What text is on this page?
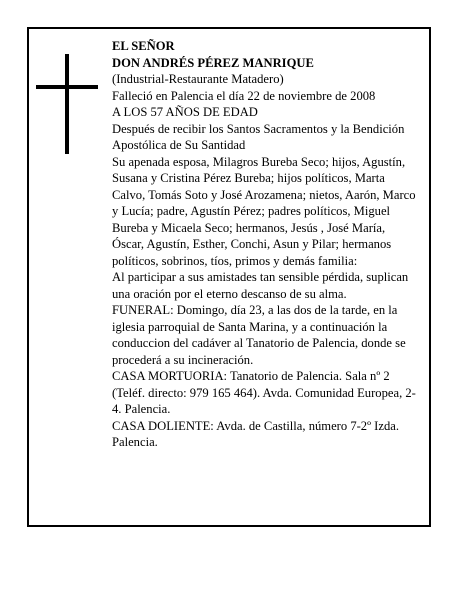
EL SEÑOR

DON ANDRÉS PÉREZ MANRIQUE

(Industrial-Restaurante Matadero)

Falleció en Palencia el día 22 de noviembre de 2008

A LOS 57 AÑOS DE EDAD

Después de recibir los Santos Sacramentos y la Bendición Apostólica de Su Santidad

Su apenada esposa, Milagros Bureba Seco; hijos, Agustín, Susana y Cristina Pérez Bureba; hijos políticos, Marta Calvo, Tomás Soto y José Arozamena; nietos, Aarón, Marco y Lucía; padre, Agustín Pérez; padres políticos, Miguel Bureba y Micaela Seco; hermanos, Jesús , José María, Óscar, Agustín, Esther, Conchi, Asun y Pilar; hermanos políticos, sobrinos, tíos, primos y demás familia:

Al participar a sus amistades tan sensible pérdida, suplican una oración por el eterno descanso de su alma.

FUNERAL: Domingo, día 23, a las dos de la tarde, en la iglesia parroquial de Santa Marina, y a continuación la conduccion del cadáver al Tanatorio de Palencia, donde se procederá a su incineración.

CASA MORTUORIA: Tanatorio de Palencia. Sala nº 2 (Teléf. directo: 979 165 464). Avda. Comunidad Europea, 2-4. Palencia.

CASA DOLIENTE: Avda. de Castilla, número 7-2º Izda. Palencia.
